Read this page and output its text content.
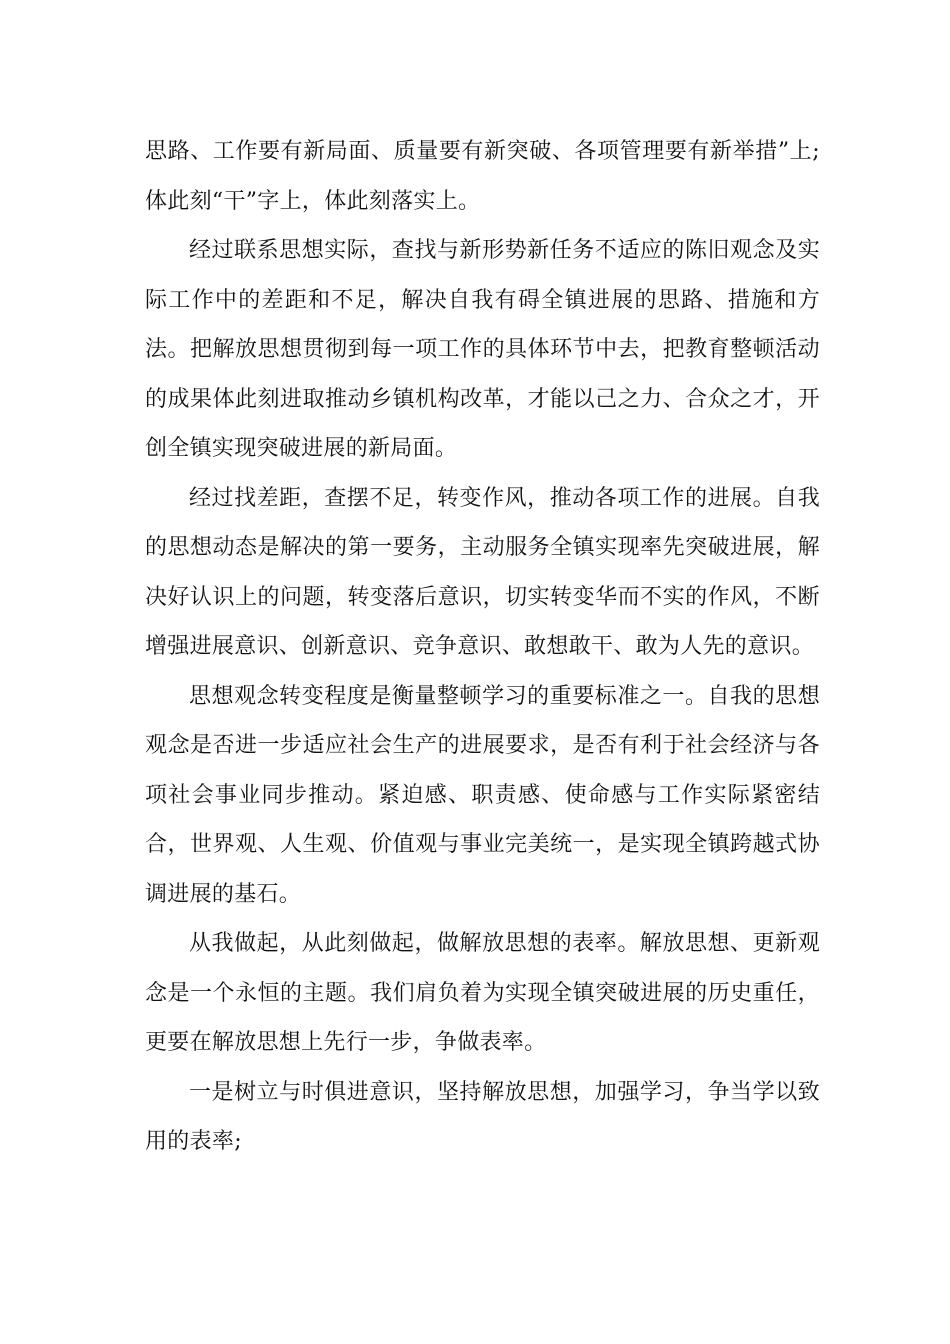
思路、工作要有新局面、质量要有新突破、各项管理要有新举措”上;体此刻“干”字上，体此刻落实上。

经过联系思想实际，查找与新形势新任务不适应的陈旧观念及实际工作中的差距和不足，解决自我有碍全镇进展的思路、措施和方法。把解放思想贯彻到每一项工作的具体环节中去，把教育整顿活动的成果体此刻进取推动乡镇机构改革，才能以己之力、合众之才，开创全镇实现突破进展的新局面。

经过找差距，查摆不足，转变作风，推动各项工作的进展。自我的思想动态是解决的第一要务，主动服务全镇实现率先突破进展，解决好认识上的问题，转变落后意识，切实转变华而不实的作风，不断增强进展意识、创新意识、竞争意识、敢想敢干、敢为人先的意识。

思想观念转变程度是衡量整顿学习的重要标准之一。自我的思想观念是否进一步适应社会生产的进展要求，是否有利于社会经济与各项社会事业同步推动。紧迫感、职责感、使命感与工作实际紧密结合，世界观、人生观、价值观与事业完美统一，是实现全镇跨越式协调进展的基石。

从我做起，从此刻做起，做解放思想的表率。解放思想、更新观念是一个永恒的主题。我们肩负着为实现全镇突破进展的历史重任，更要在解放思想上先行一步，争做表率。

一是树立与时俱进意识，坚持解放思想，加强学习，争当学以致用的表率;
